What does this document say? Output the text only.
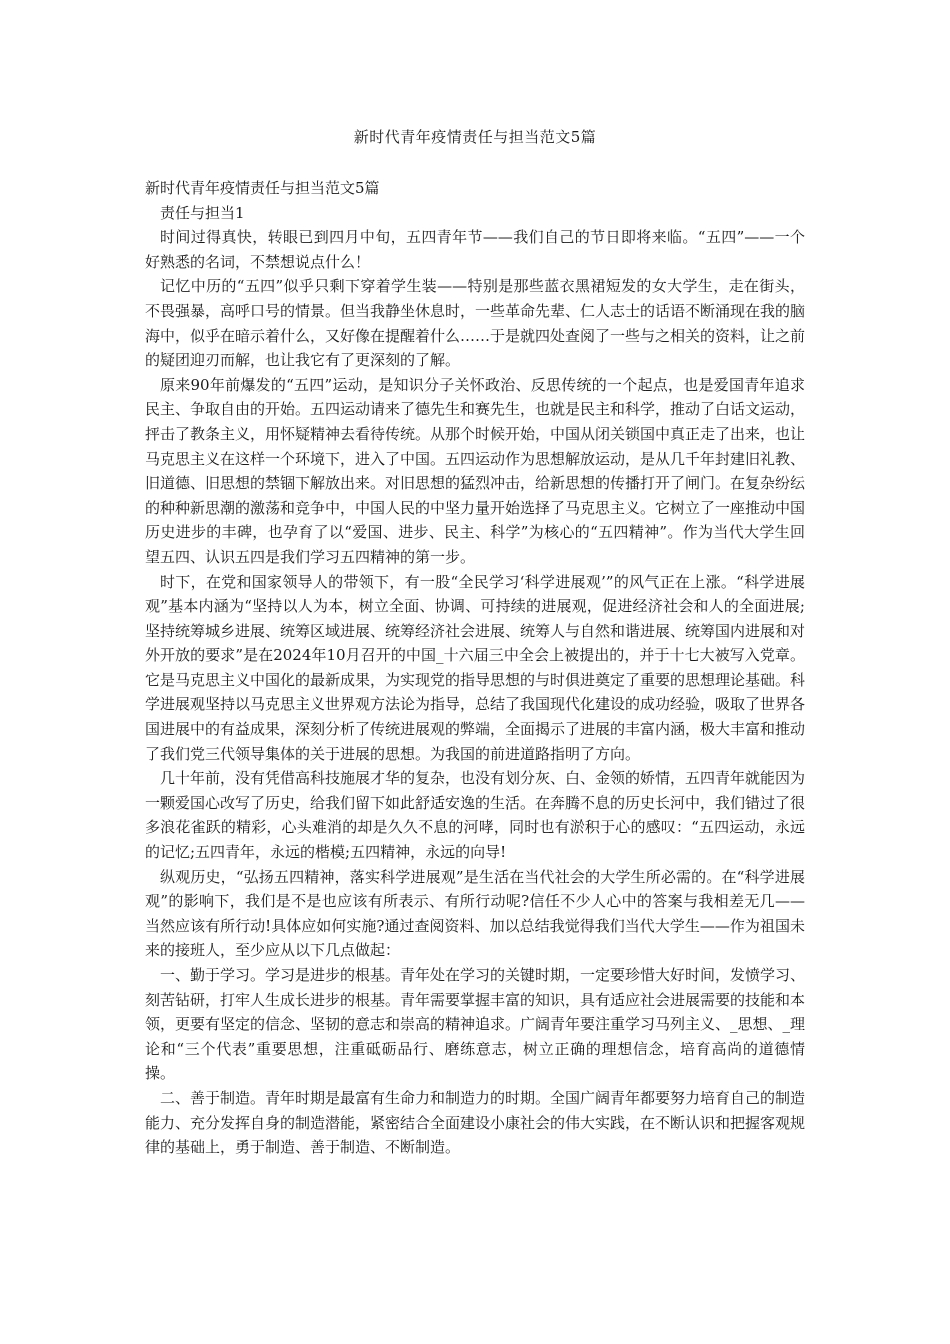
新时代青年疫情责任与担当范文5篇

新时代青年疫情责任与担当范文5篇

责任与担当1

时间过得真快，转眼已到四月中旬，五四青年节——我们自己的节日即将来临。“五四”——一个好熟悉的名词，不禁想说点什么！

记忆中历的“五四”似乎只剩下穿着学生装——特别是那些蓝衣黑裙短发的女大学生，走在街头，不畏强暴，高呼口号的情景。但当我静坐休息时，一些革命先辈、仁人志士的话语不断涌现在我的脑海中，似乎在暗示着什么，又好像在提醒着什么……于是就四处查阅了一些与之相关的资料，让之前的疑团迎刃而解，也让我它有了更深刻的了解。

原来90年前爆发的“五四”运动，是知识分子关怀政治、反思传统的一个起点，也是爱国青年追求民主、争取自由的开始。五四运动请来了德先生和赛先生，也就是民主和科学，推动了白话文运动，抨击了教条主义，用怀疑精神去看待传统。从那个时候开始，中国从闭关锁国中真正走了出来，也让马克思主义在这样一个环境下，进入了中国。五四运动作为思想解放运动，是从几千年封建旧礼教、旧道德、旧思想的禁锢下解放出来。对旧思想的猛烈冲击，给新思想的传播打开了闸门。在复杂纷纭的种种新思潮的激荡和竞争中，中国人民的中坚力量开始选择了马克思主义。它树立了一座推动中国历史进步的丰碑，也孕育了以“爱国、进步、民主、科学”为核心的“五四精神”。作为当代大学生回望五四、认识五四是我们学习五四精神的第一步。

时下，在党和国家领导人的带领下，有一股“全民学习‘科学进展观’”的风气正在上涨。“科学进展观”基本内涵为“坚持以人为本，树立全面、协调、可持续的进展观，促进经济社会和人的全面进展;坚持统筹城乡进展、统筹区域进展、统筹经济社会进展、统筹人与自然和谐进展、统筹国内进展和对外开放的要求”是在2024年10月召开的中国_十六届三中全会上被提出的，并于十七大被写入党章。它是马克思主义中国化的最新成果，为实现党的指导思想的与时俱进奠定了重要的思想理论基础。科学进展观坚持以马克思主义世界观方法论为指导，总结了我国现代化建设的成功经验，吸取了世界各国进展中的有益成果，深刻分析了传统进展观的弊端，全面揭示了进展的丰富内涵，极大丰富和推动了我们党三代领导集体的关于进展的思想。为我国的前进道路指明了方向。

几十年前，没有凭借高科技施展才华的复杂，也没有划分灰、白、金领的娇情，五四青年就能因为一颗爱国心改写了历史，给我们留下如此舒适安逸的生活。在奔腾不息的历史长河中，我们错过了很多浪花雀跃的精彩，心头难消的却是久久不息的河哮，同时也有淤积于心的感叹：“五四运动，永远的记忆;五四青年，永远的楷模;五四精神，永远的向导!

纵观历史，“弘扬五四精神，落实科学进展观”是生活在当代社会的大学生所必需的。在“科学进展观”的影响下，我们是不是也应该有所表示、有所行动呢?信任不少人心中的答案与我相差无几——当然应该有所行动!具体应如何实施?通过查阅资料、加以总结我觉得我们当代大学生——作为祖国未来的接班人，至少应从以下几点做起：

一、勤于学习。学习是进步的根基。青年处在学习的关键时期，一定要珍惜大好时间，发愤学习、刻苦钻研，打牢人生成长进步的根基。青年需要掌握丰富的知识，具有适应社会进展需要的技能和本领，更要有坚定的信念、坚韧的意志和崇高的精神追求。广阔青年要注重学习马列主义、_思想、_理论和“三个代表”重要思想，注重砥砺品行、磨练意志，树立正确的理想信念，培育高尚的道德情操。

二、善于制造。青年时期是最富有生命力和制造力的时期。全国广阔青年都要努力培育自己的制造能力、充分发挥自身的制造潜能，紧密结合全面建设小康社会的伟大实践，在不断认识和把握客观规律的基础上，勇于制造、善于制造、不断制造。
